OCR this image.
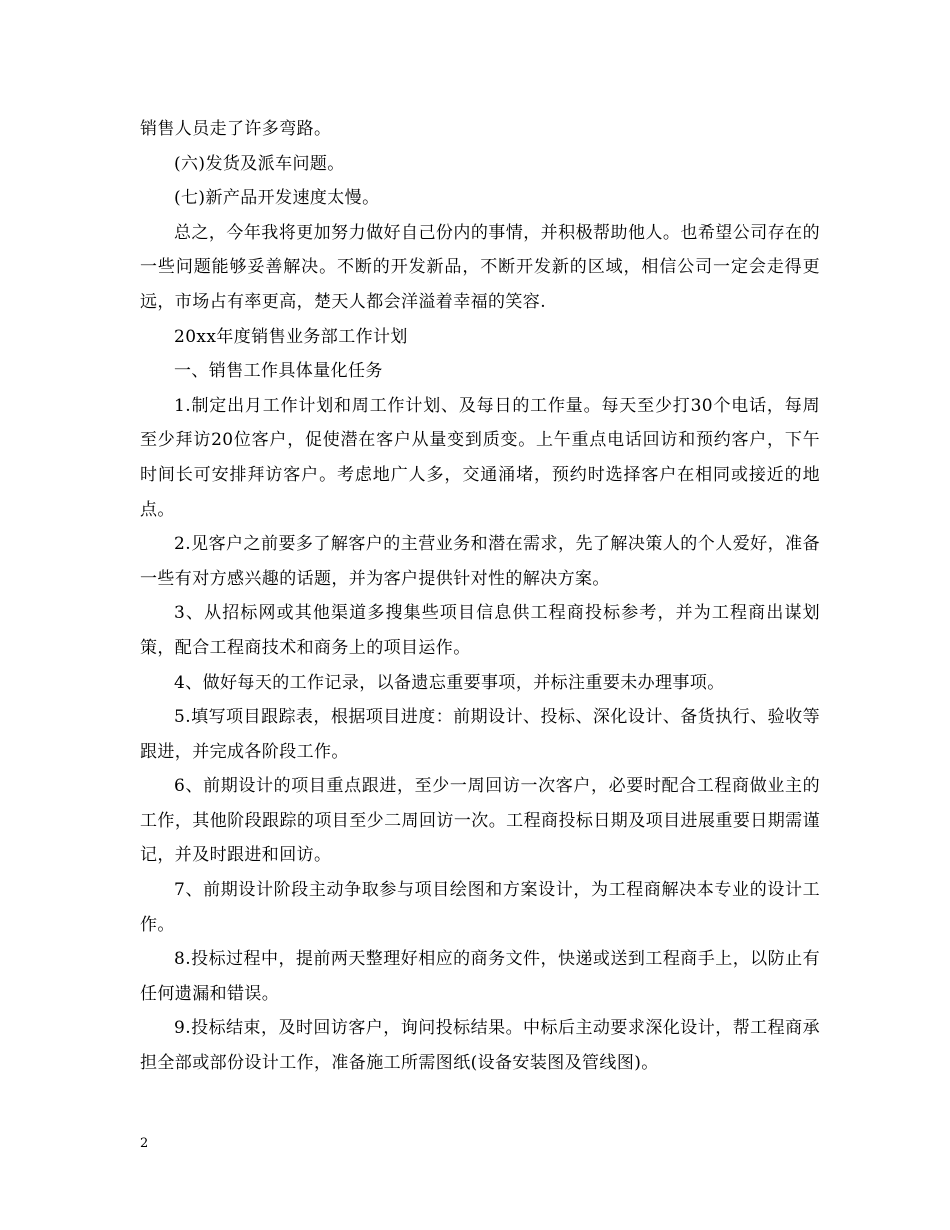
销售人员走了许多弯路。

(六)发货及派车问题。

(七)新产品开发速度太慢。

总之，今年我将更加努力做好自己份内的事情，并积极帮助他人。也希望公司存在的一些问题能够妥善解决。不断的开发新品，不断开发新的区域，相信公司一定会走得更远，市场占有率更高，楚天人都会洋溢着幸福的笑容.

20xx年度销售业务部工作计划

一、销售工作具体量化任务

1.制定出月工作计划和周工作计划、及每日的工作量。每天至少打30个电话，每周至少拜访20位客户，促使潜在客户从量变到质变。上午重点电话回访和预约客户，下午时间长可安排拜访客户。考虑地广人多，交通涌堵，预约时选择客户在相同或接近的地点。

2.见客户之前要多了解客户的主营业务和潜在需求，先了解决策人的个人爱好，准备一些有对方感兴趣的话题，并为客户提供针对性的解决方案。

3、从招标网或其他渠道多搜集些项目信息供工程商投标参考，并为工程商出谋划策，配合工程商技术和商务上的项目运作。

4、做好每天的工作记录，以备遗忘重要事项，并标注重要未办理事项。

5.填写项目跟踪表，根据项目进度：前期设计、投标、深化设计、备货执行、验收等跟进，并完成各阶段工作。

6、前期设计的项目重点跟进，至少一周回访一次客户，必要时配合工程商做业主的工作，其他阶段跟踪的项目至少二周回访一次。工程商投标日期及项目进展重要日期需谨记，并及时跟进和回访。

7、前期设计阶段主动争取参与项目绘图和方案设计，为工程商解决本专业的设计工作。

8.投标过程中，提前两天整理好相应的商务文件，快递或送到工程商手上，以防止有任何遗漏和错误。

9.投标结束，及时回访客户，询问投标结果。中标后主动要求深化设计，帮工程商承担全部或部份设计工作，准备施工所需图纸(设备安装图及管线图)。

2
